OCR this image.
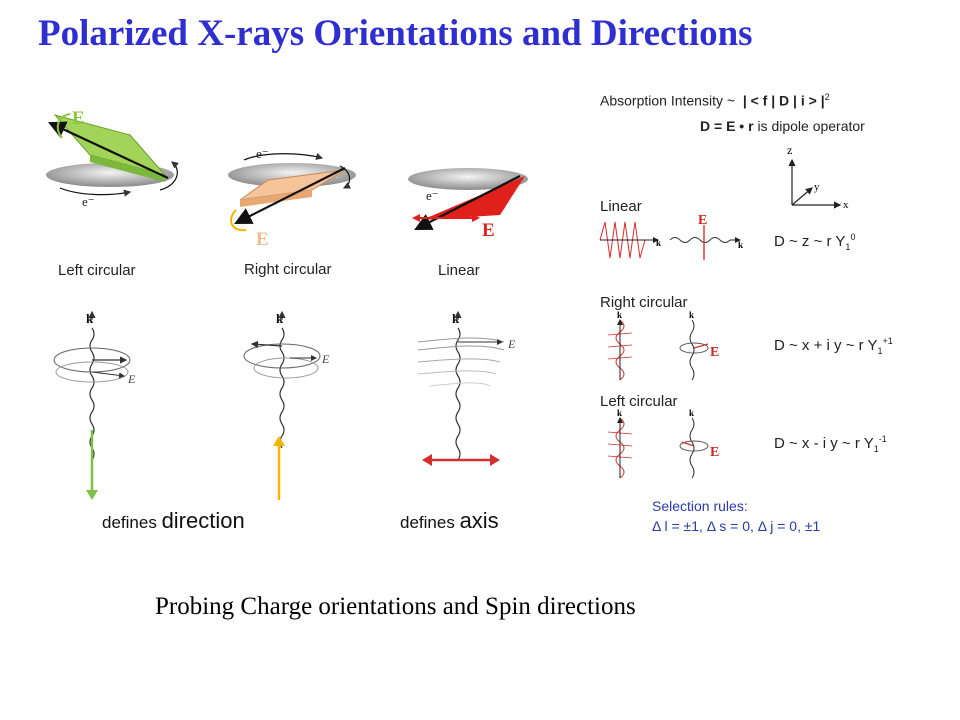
Polarized X-rays Orientations and Directions
E
e⁻
E
e⁻
E
e⁻
k
E
k
E
k
E
Left circular	Right circular	Linear
defines direction	defines axis
Absorption Intensity ~ | < f | D | $i > |^2$
D = E • r is dipole operator
z
y
x
E
k	k
E
k	k
E
k	k
Linear
D ~ z ~ r $Y_1^0$
Right circular
D ~ x + i y ~ r $Y_1^{+1}$
Left circular
D ~ x - i y ~ r $Y_1^{-1}$
Selection rules:
Δ l = ±1, Δ s = 0, Δ j = 0, ±1
Probing Charge orientations and Spin directions
